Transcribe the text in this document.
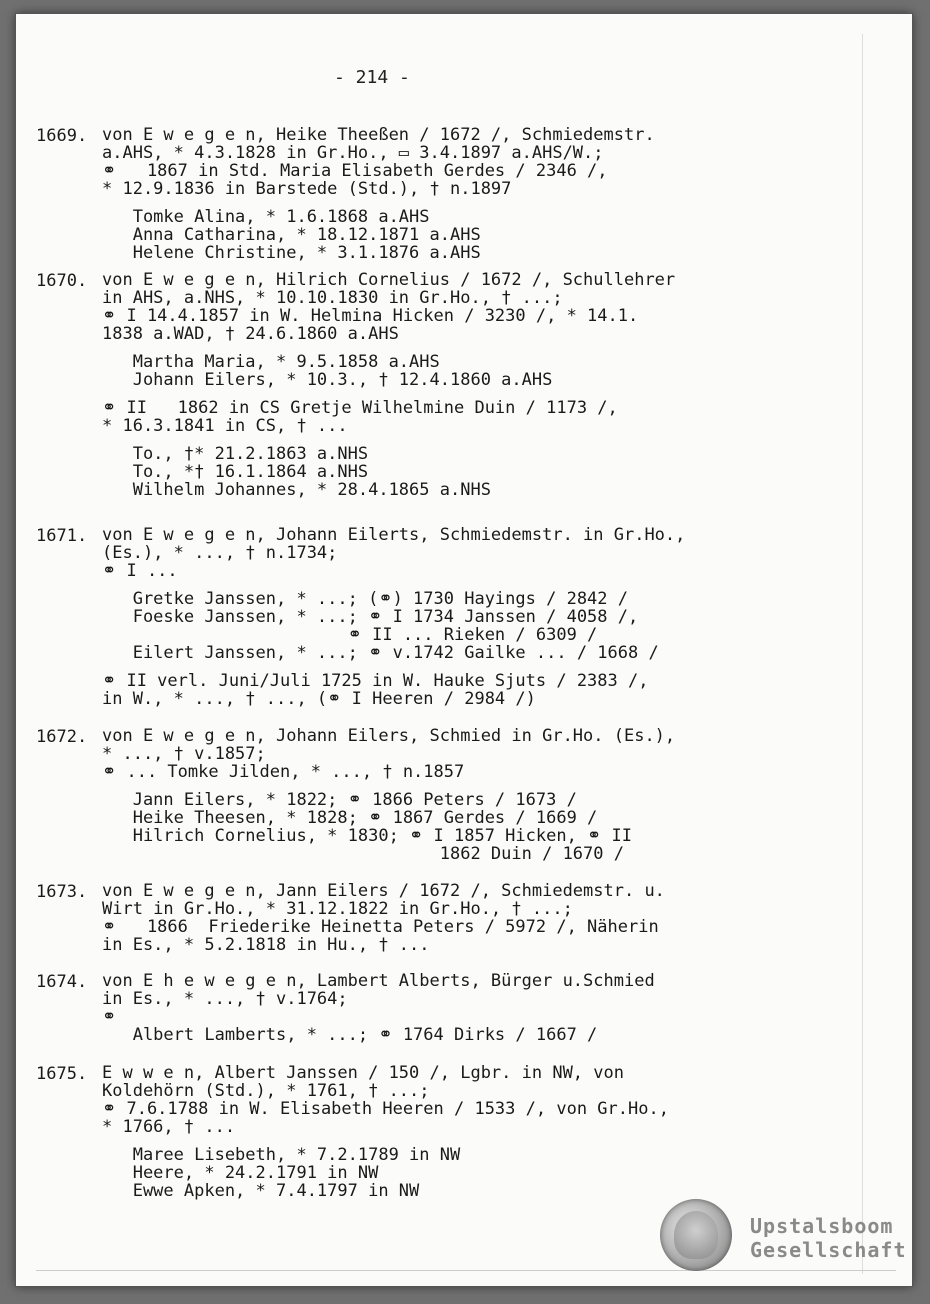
- 214 -
1669. von E w e g e n, Heike Theeßen / 1672 /, Schmiedemstr.
a.AHS, * 4.3.1828 in Gr.Ho., ▭ 3.4.1897 a.AHS/W.;
⚭   1867 in Std. Maria Elisabeth Gerdes / 2346 /,
* 12.9.1836 in Barstede (Std.), † n.1897
Tomke Alina, * 1.6.1868 a.AHS
Anna Catharina, * 18.12.1871 a.AHS
Helene Christine, * 3.1.1876 a.AHS
1670. von E w e g e n, Hilrich Cornelius / 1672 /, Schullehrer
in AHS, a.NHS, * 10.10.1830 in Gr.Ho., † ...;
⚭ I 14.4.1857 in W. Helmina Hicken / 3230 /, * 14.1.
1838 a.WAD, † 24.6.1860 a.AHS
Martha Maria, * 9.5.1858 a.AHS
Johann Eilers, * 10.3., † 12.4.1860 a.AHS
⚭ II   1862 in CS Gretje Wilhelmine Duin / 1173 /,
* 16.3.1841 in CS, † ...
To., †* 21.2.1863 a.NHS
To., *† 16.1.1864 a.NHS
Wilhelm Johannes, * 28.4.1865 a.NHS
1671. von E w e g e n, Johann Eilerts, Schmiedemstr. in Gr.Ho.,
(Es.), * ..., † n.1734;
⚭ I ...
Gretke Janssen, * ...; (⚭) 1730 Hayings / 2842 /
Foeske Janssen, * ...; ⚭ I 1734 Janssen / 4058 /,
⚭ II ... Rieken / 6309 /
Eilert Janssen, * ...; ⚭ v.1742 Gailke ... / 1668 /
⚭ II verl. Juni/Juli 1725 in W. Hauke Sjuts / 2383 /,
in W., * ..., † ..., (⚭ I Heeren / 2984 /)
1672. von E w e g e n, Johann Eilers, Schmied in Gr.Ho. (Es.),
* ..., † v.1857;
⚭ ... Tomke Jilden, * ..., † n.1857
Jann Eilers, * 1822; ⚭ 1866 Peters / 1673 /
Heike Theesen, * 1828; ⚭ 1867 Gerdes / 1669 /
Hilrich Cornelius, * 1830; ⚭ I 1857 Hicken, ⚭ II
1862 Duin / 1670 /
1673. von E w e g e n, Jann Eilers / 1672 /, Schmiedemstr. u.
Wirt in Gr.Ho., * 31.12.1822 in Gr.Ho., † ...;
⚭   1866  Friederike Heinetta Peters / 5972 /, Näherin
in Es., * 5.2.1818 in Hu., † ...
1674. von E h e w e g e n, Lambert Alberts, Bürger u.Schmied
in Es., * ..., † v.1764;
⚭
Albert Lamberts, * ...; ⚭ 1764 Dirks / 1667 /
1675. E w w e n, Albert Janssen / 150 /, Lgbr. in NW, von
Koldehörn (Std.), * 1761, † ...;
⚭ 7.6.1788 in W. Elisabeth Heeren / 1533 /, von Gr.Ho.,
* 1766, † ...
Maree Lisebeth, * 7.2.1789 in NW
Heere, * 24.2.1791 in NW
Ewwe Apken, * 7.4.1797 in NW
Upstalsboom
Gesellschaft
